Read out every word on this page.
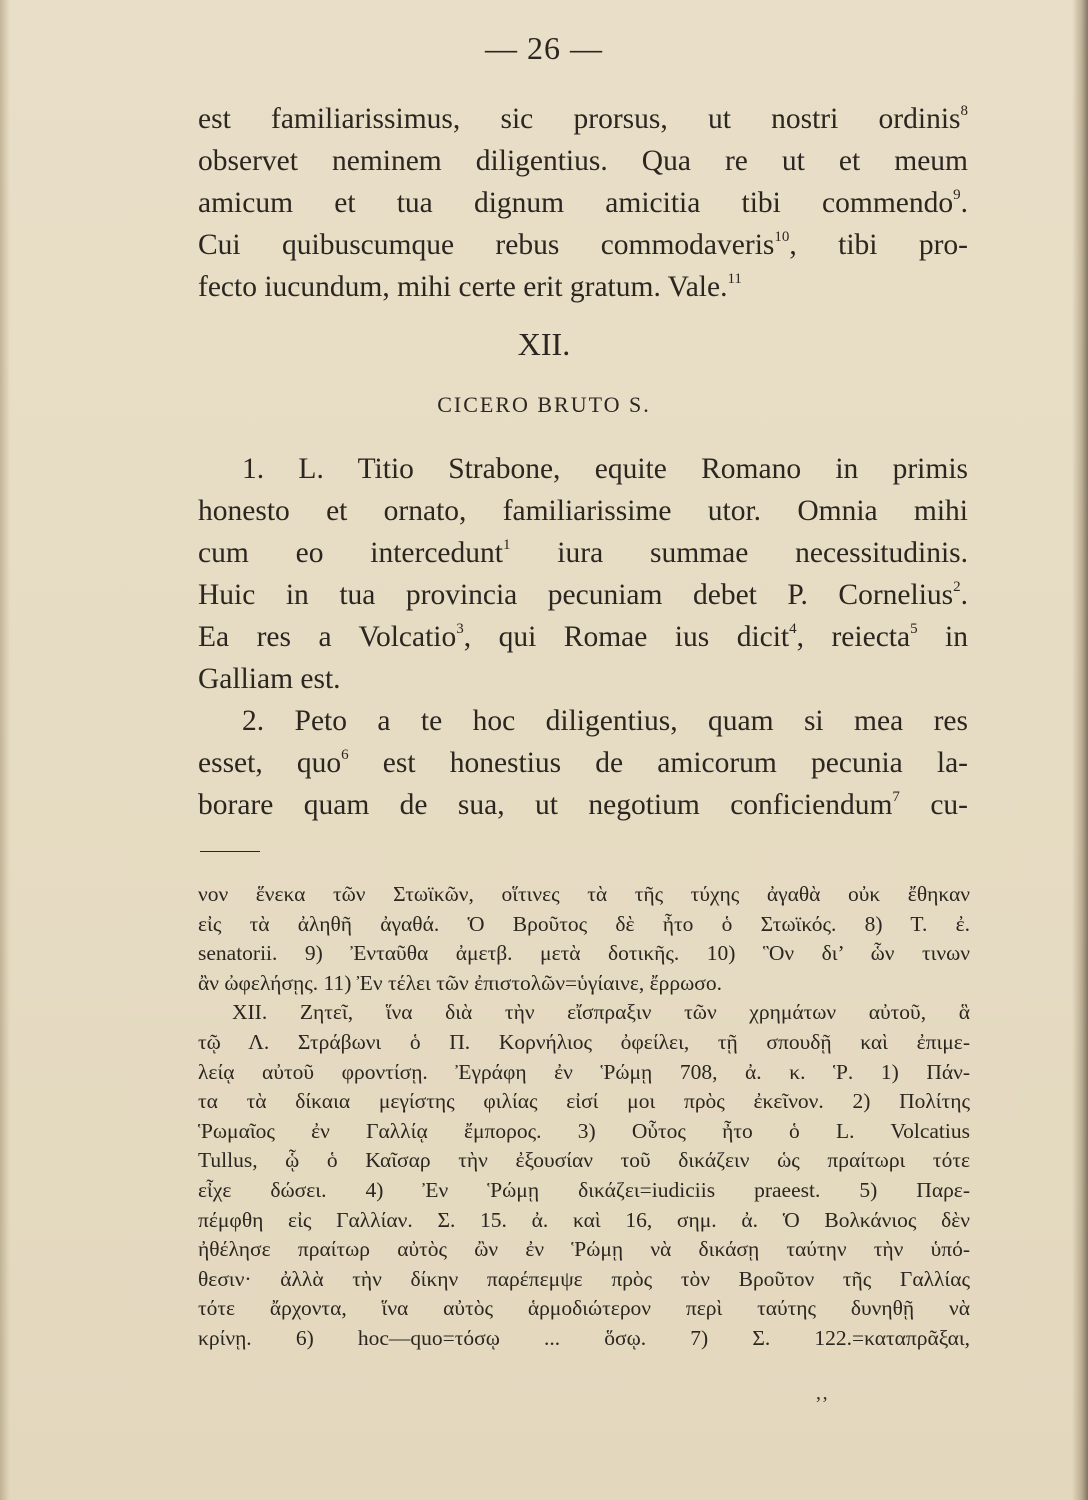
— 26 —

est familiarissimus, sic prorsus, ut nostri ordinis$^8$

observet neminem diligentius. Qua re ut et meum

amicum et tua dignum amicitia tibi commendo$^9$.

Cui quibuscumque rebus commodaveris$^{10}$, tibi pro-

fecto iucundum, mihi certe erit gratum. Vale.$^{11}$

XII.
CICERO BRUTO S.

1. L. Titio Strabone, equite Romano in primis

honesto et ornato, familiarissime utor. Omnia mihi

cum eo intercedunt$^1$ iura summae necessitudinis.

Huic in tua provincia pecuniam debet P. Cornelius$^2$.

Ea res a Volcatio$^3$, qui Romae ius dicit$^4$, reiecta$^5$ in

Galliam est.

2. Peto a te hoc diligentius, quam si mea res

esset, quo$^6$ est honestius de amicorum pecunia la-

borare quam de sua, ut negotium conficiendum$^7$ cu-

νον ἕνεκα τῶν Στωϊκῶν, οἵτινες τὰ τῆς τύχης ἀγαθὰ οὐκ ἔθηκαν

εἰς τὰ ἀληθῆ ἀγαθά. Ὁ Βροῦτος δὲ ἦτο ὁ Στωϊκός. 8) Τ. ἐ.

senatorii. 9) Ἐνταῦθα ἀμετβ. μετὰ δοτικῆς. 10) Ὃν δι’ ὧν τινων

ἂν ὠφελήσῃς. 11) Ἐν τέλει τῶν ἐπιστολῶν=ὑγίαινε, ἔρρωσο.

XII. Ζητεῖ, ἵνα διὰ τὴν εἴσπραξιν τῶν χρημάτων αὐτοῦ, ἃ

τῷ Λ. Στράβωνι ὁ Π. Κορνήλιος ὀφείλει, τῇ σπουδῇ καὶ ἐπιμε-

λείᾳ αὐτοῦ φροντίσῃ. Ἐγράφη ἐν Ῥώμῃ 708, ἀ. κ. Ῥ. 1) Πάν-

τα τὰ δίκαια μεγίστης φιλίας εἰσί μοι πρὸς ἐκεῖνον. 2) Πολίτης

Ῥωμαῖος ἐν Γαλλίᾳ ἔμπορος. 3) Οὗτος ἦτο ὁ L. Volcatius

Tullus, ᾧ ὁ Καῖσαρ τὴν ἐξουσίαν τοῦ δικάζειν ὡς πραίτωρι τότε

εἶχε δώσει. 4) Ἐν Ῥώμῃ δικάζει=iudiciis praeest. 5) Παρε-

πέμφθη εἰς Γαλλίαν. Σ. 15. ἀ. καὶ 16, σημ. ἀ. Ὁ Βολκάνιος δὲν

ἠθέλησε πραίτωρ αὐτὸς ὢν ἐν Ῥώμῃ νὰ δικάσῃ ταύτην τὴν ὑπό-

θεσιν· ἀλλὰ τὴν δίκην παρέπεμψε πρὸς τὸν Βροῦτον τῆς Γαλλίας

τότε ἄρχοντα, ἵνα αὐτὸς ἁρμοδιώτερον περὶ ταύτης δυνηθῇ νὰ

κρίνῃ. 6) hoc—quo=τόσῳ ... ὅσῳ. 7) Σ. 122.=καταπρᾶξαι,

‚‚
